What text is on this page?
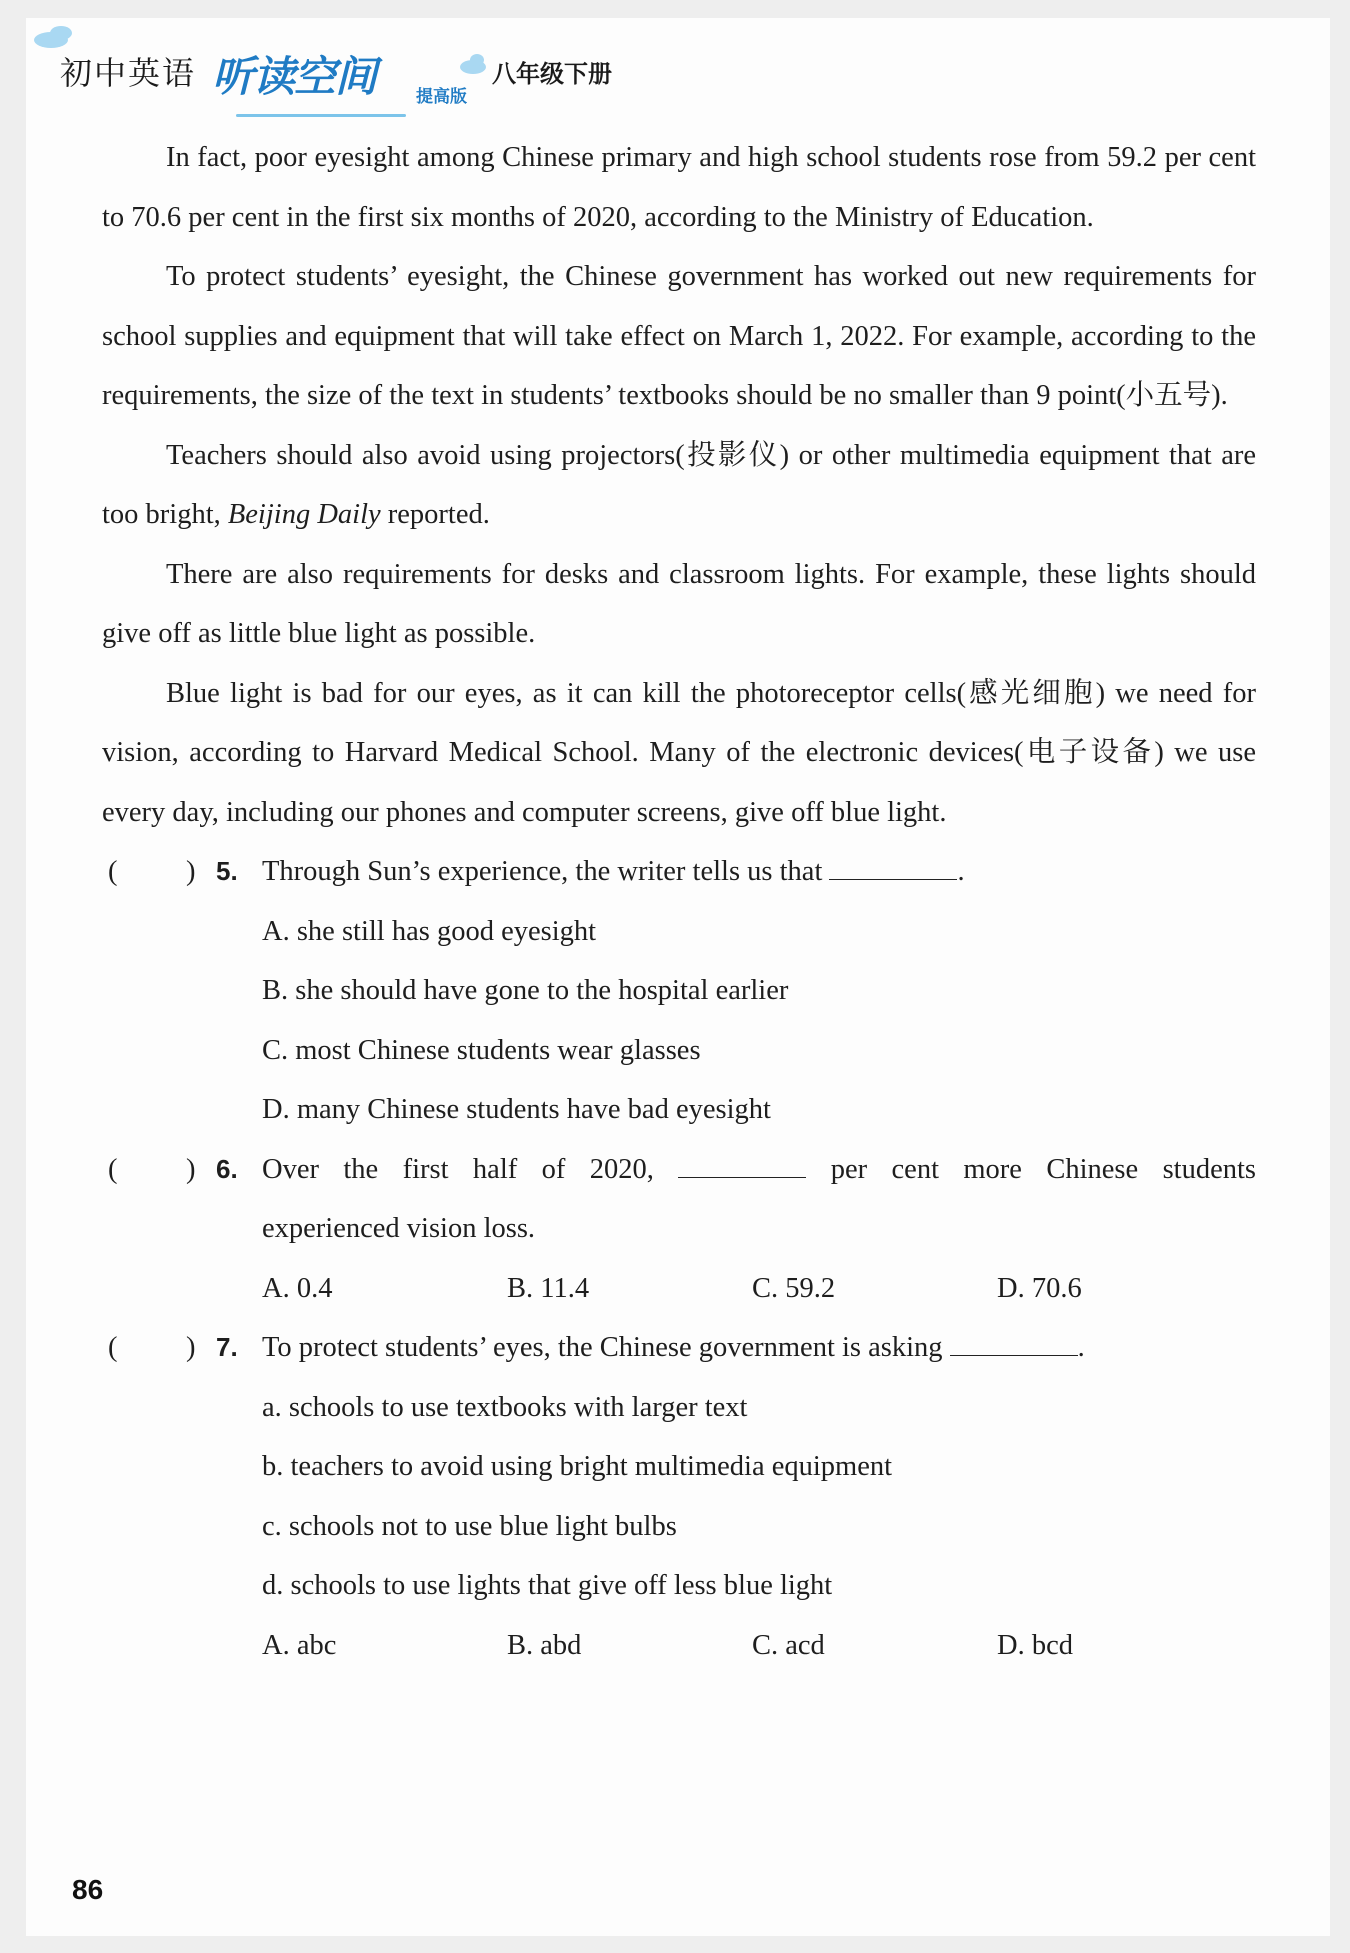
初中英语 听读空间 提高版
八年级下册

In fact, poor eyesight among Chinese primary and high school students rose from 59.2 per cent to 70.6 per cent in the first six months of 2020, according to the Ministry of Education.

To protect students’ eyesight, the Chinese government has worked out new requirements for school supplies and equipment that will take effect on March 1, 2022. For example, according to the requirements, the size of the text in students’ textbooks should be no smaller than 9 point(小五号).

Teachers should also avoid using projectors(投影仪) or other multimedia equipment that are too bright, Beijing Daily reported.

There are also requirements for desks and classroom lights. For example, these lights should give off as little blue light as possible.

Blue light is bad for our eyes, as it can kill the photoreceptor cells(感光细胞) we need for vision, according to Harvard Medical School. Many of the electronic devices(电子设备) we use every day, including our phones and computer screens, give off blue light.

( ) 5. Through Sun’s experience, the writer tells us that	.
A. she still has good eyesight
B. she should have gone to the hospital earlier
C. most Chinese students wear glasses
D. many Chinese students have bad eyesight
( ) 6. Over the first half of 2020,	per cent more Chinese students
experienced vision loss.
A. 0.4	B. 11.4	C. 59.2	D. 70.6
( ) 7. To protect students’ eyes, the Chinese government is asking	.
a. schools to use textbooks with larger text
b. teachers to avoid using bright multimedia equipment
c. schools not to use blue light bulbs
d. schools to use lights that give off less blue light
A. abc	B. abd	C. acd	D. bcd
86
